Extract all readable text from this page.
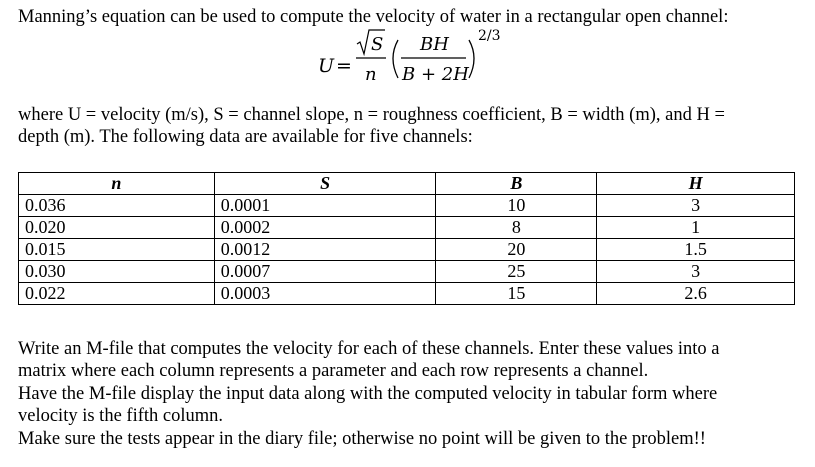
Manning’s equation can be used to compute the velocity of water in a rectangular open channel:

U =
S
n
BH
B + 2H
2/3

where U = velocity (m/s), S = channel slope, n = roughness coefficient, B = width (m), and H =

depth (m). The following data are available for five channels:

n	S	B	H
0.036	0.0001	10	3
0.020	0.0002	8	1
0.015	0.0012	20	1.5
0.030	0.0007	25	3
0.022	0.0003	15	2.6

Write an M-file that computes the velocity for each of these channels. Enter these values into a

matrix where each column represents a parameter and each row represents a channel.

Have the M-file display the input data along with the computed velocity in tabular form where

velocity is the fifth column.

Make sure the tests appear in the diary file; otherwise no point will be given to the problem!!
